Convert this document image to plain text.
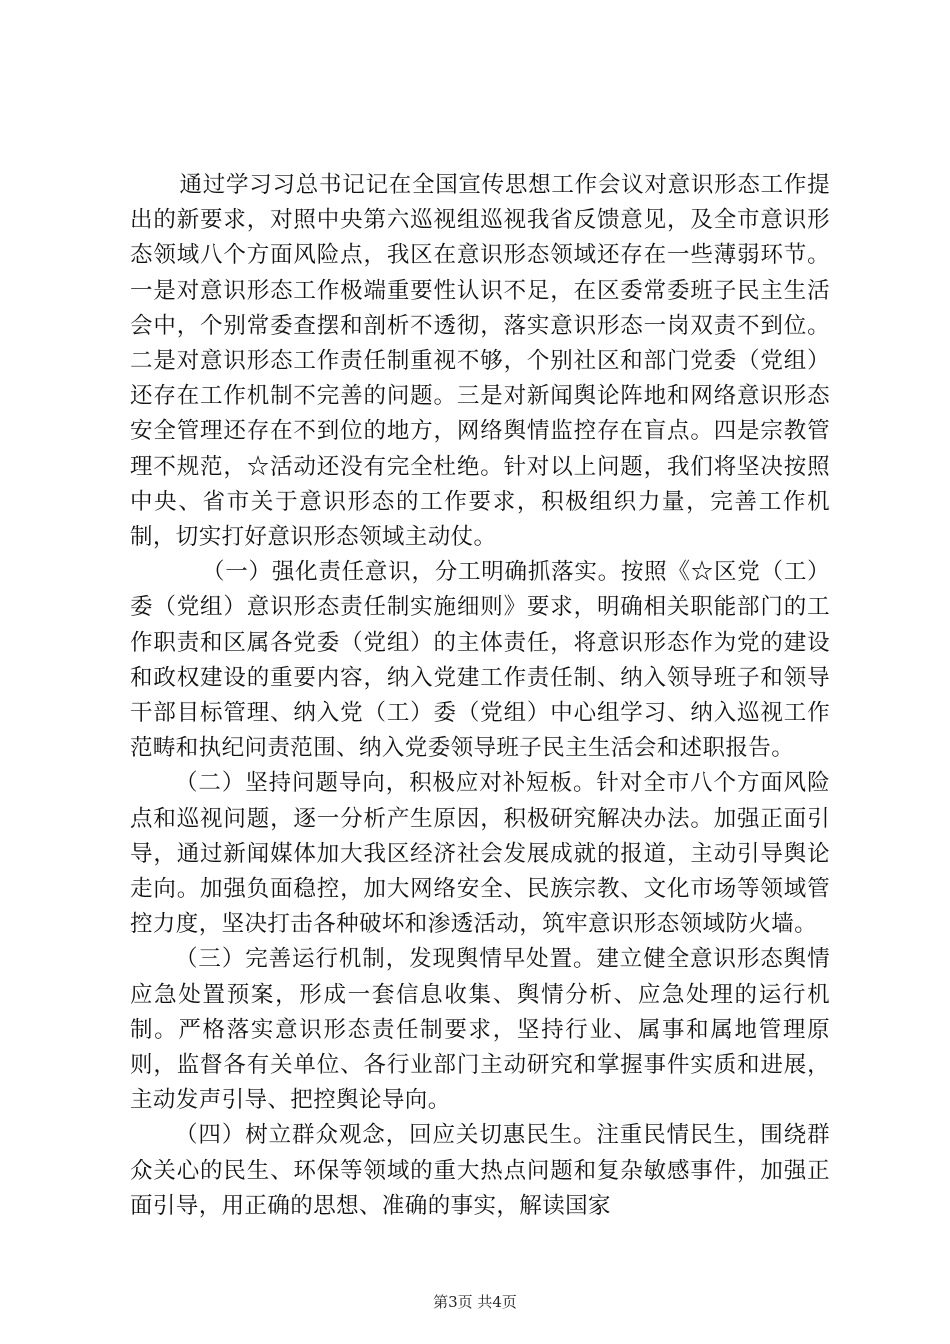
通过学习习总书记记在全国宣传思想工作会议对意识形态工作提出的新要求，对照中央第六巡视组巡视我省反馈意见，及全市意识形态领域八个方面风险点，我区在意识形态领域还存在一些薄弱环节。一是对意识形态工作极端重要性认识不足，在区委常委班子民主生活会中，个别常委查摆和剖析不透彻，落实意识形态一岗双责不到位。二是对意识形态工作责任制重视不够，个别社区和部门党委（党组）还存在工作机制不完善的问题。三是对新闻舆论阵地和网络意识形态安全管理还存在不到位的地方，网络舆情监控存在盲点。四是宗教管理不规范，☆活动还没有完全杜绝。针对以上问题，我们将坚决按照中央、省市关于意识形态的工作要求，积极组织力量，完善工作机制，切实打好意识形态领域主动仗。

（一）强化责任意识，分工明确抓落实。按照《☆区党（工）委（党组）意识形态责任制实施细则》要求，明确相关职能部门的工作职责和区属各党委（党组）的主体责任，将意识形态作为党的建设和政权建设的重要内容，纳入党建工作责任制、纳入领导班子和领导干部目标管理、纳入党（工）委（党组）中心组学习、纳入巡视工作范畴和执纪问责范围、纳入党委领导班子民主生活会和述职报告。

（二）坚持问题导向，积极应对补短板。针对全市八个方面风险点和巡视问题，逐一分析产生原因，积极研究解决办法。加强正面引导，通过新闻媒体加大我区经济社会发展成就的报道，主动引导舆论走向。加强负面稳控，加大网络安全、民族宗教、文化市场等领域管控力度，坚决打击各种破坏和渗透活动，筑牢意识形态领域防火墙。

（三）完善运行机制，发现舆情早处置。建立健全意识形态舆情应急处置预案，形成一套信息收集、舆情分析、应急处理的运行机制。严格落实意识形态责任制要求，坚持行业、属事和属地管理原则，监督各有关单位、各行业部门主动研究和掌握事件实质和进展，主动发声引导、把控舆论导向。

（四）树立群众观念，回应关切惠民生。注重民情民生，围绕群众关心的民生、环保等领域的重大热点问题和复杂敏感事件，加强正面引导，用正确的思想、准确的事实，解读国家

第3页 共4页
